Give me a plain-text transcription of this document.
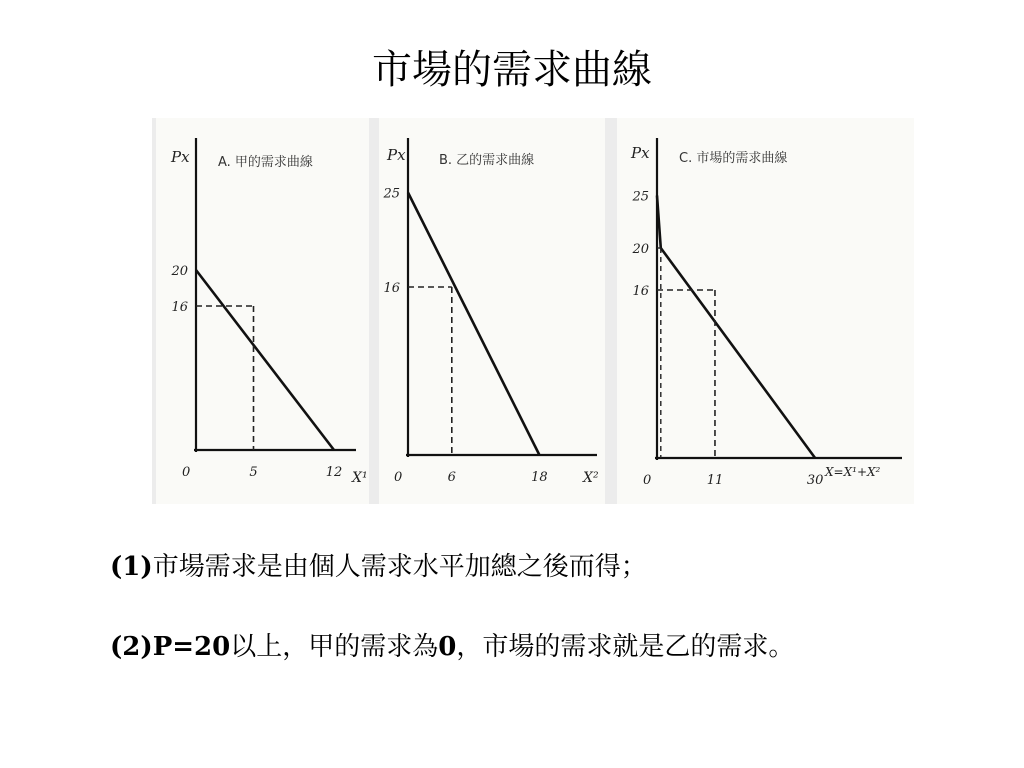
市場的需求曲線
Px A. 甲的需求曲線
20
16
0	5	12 X¹
Px	B. 乙的需求曲線
25
16
0	6	18	X²
Px C. 市場的需求曲線
25
20
16
0	11	30
X=X¹+X²
(1)市場需求是由個人需求水平加總之後而得；
(2)P=20以上，甲的需求為0，市場的需求就是乙的需求。
